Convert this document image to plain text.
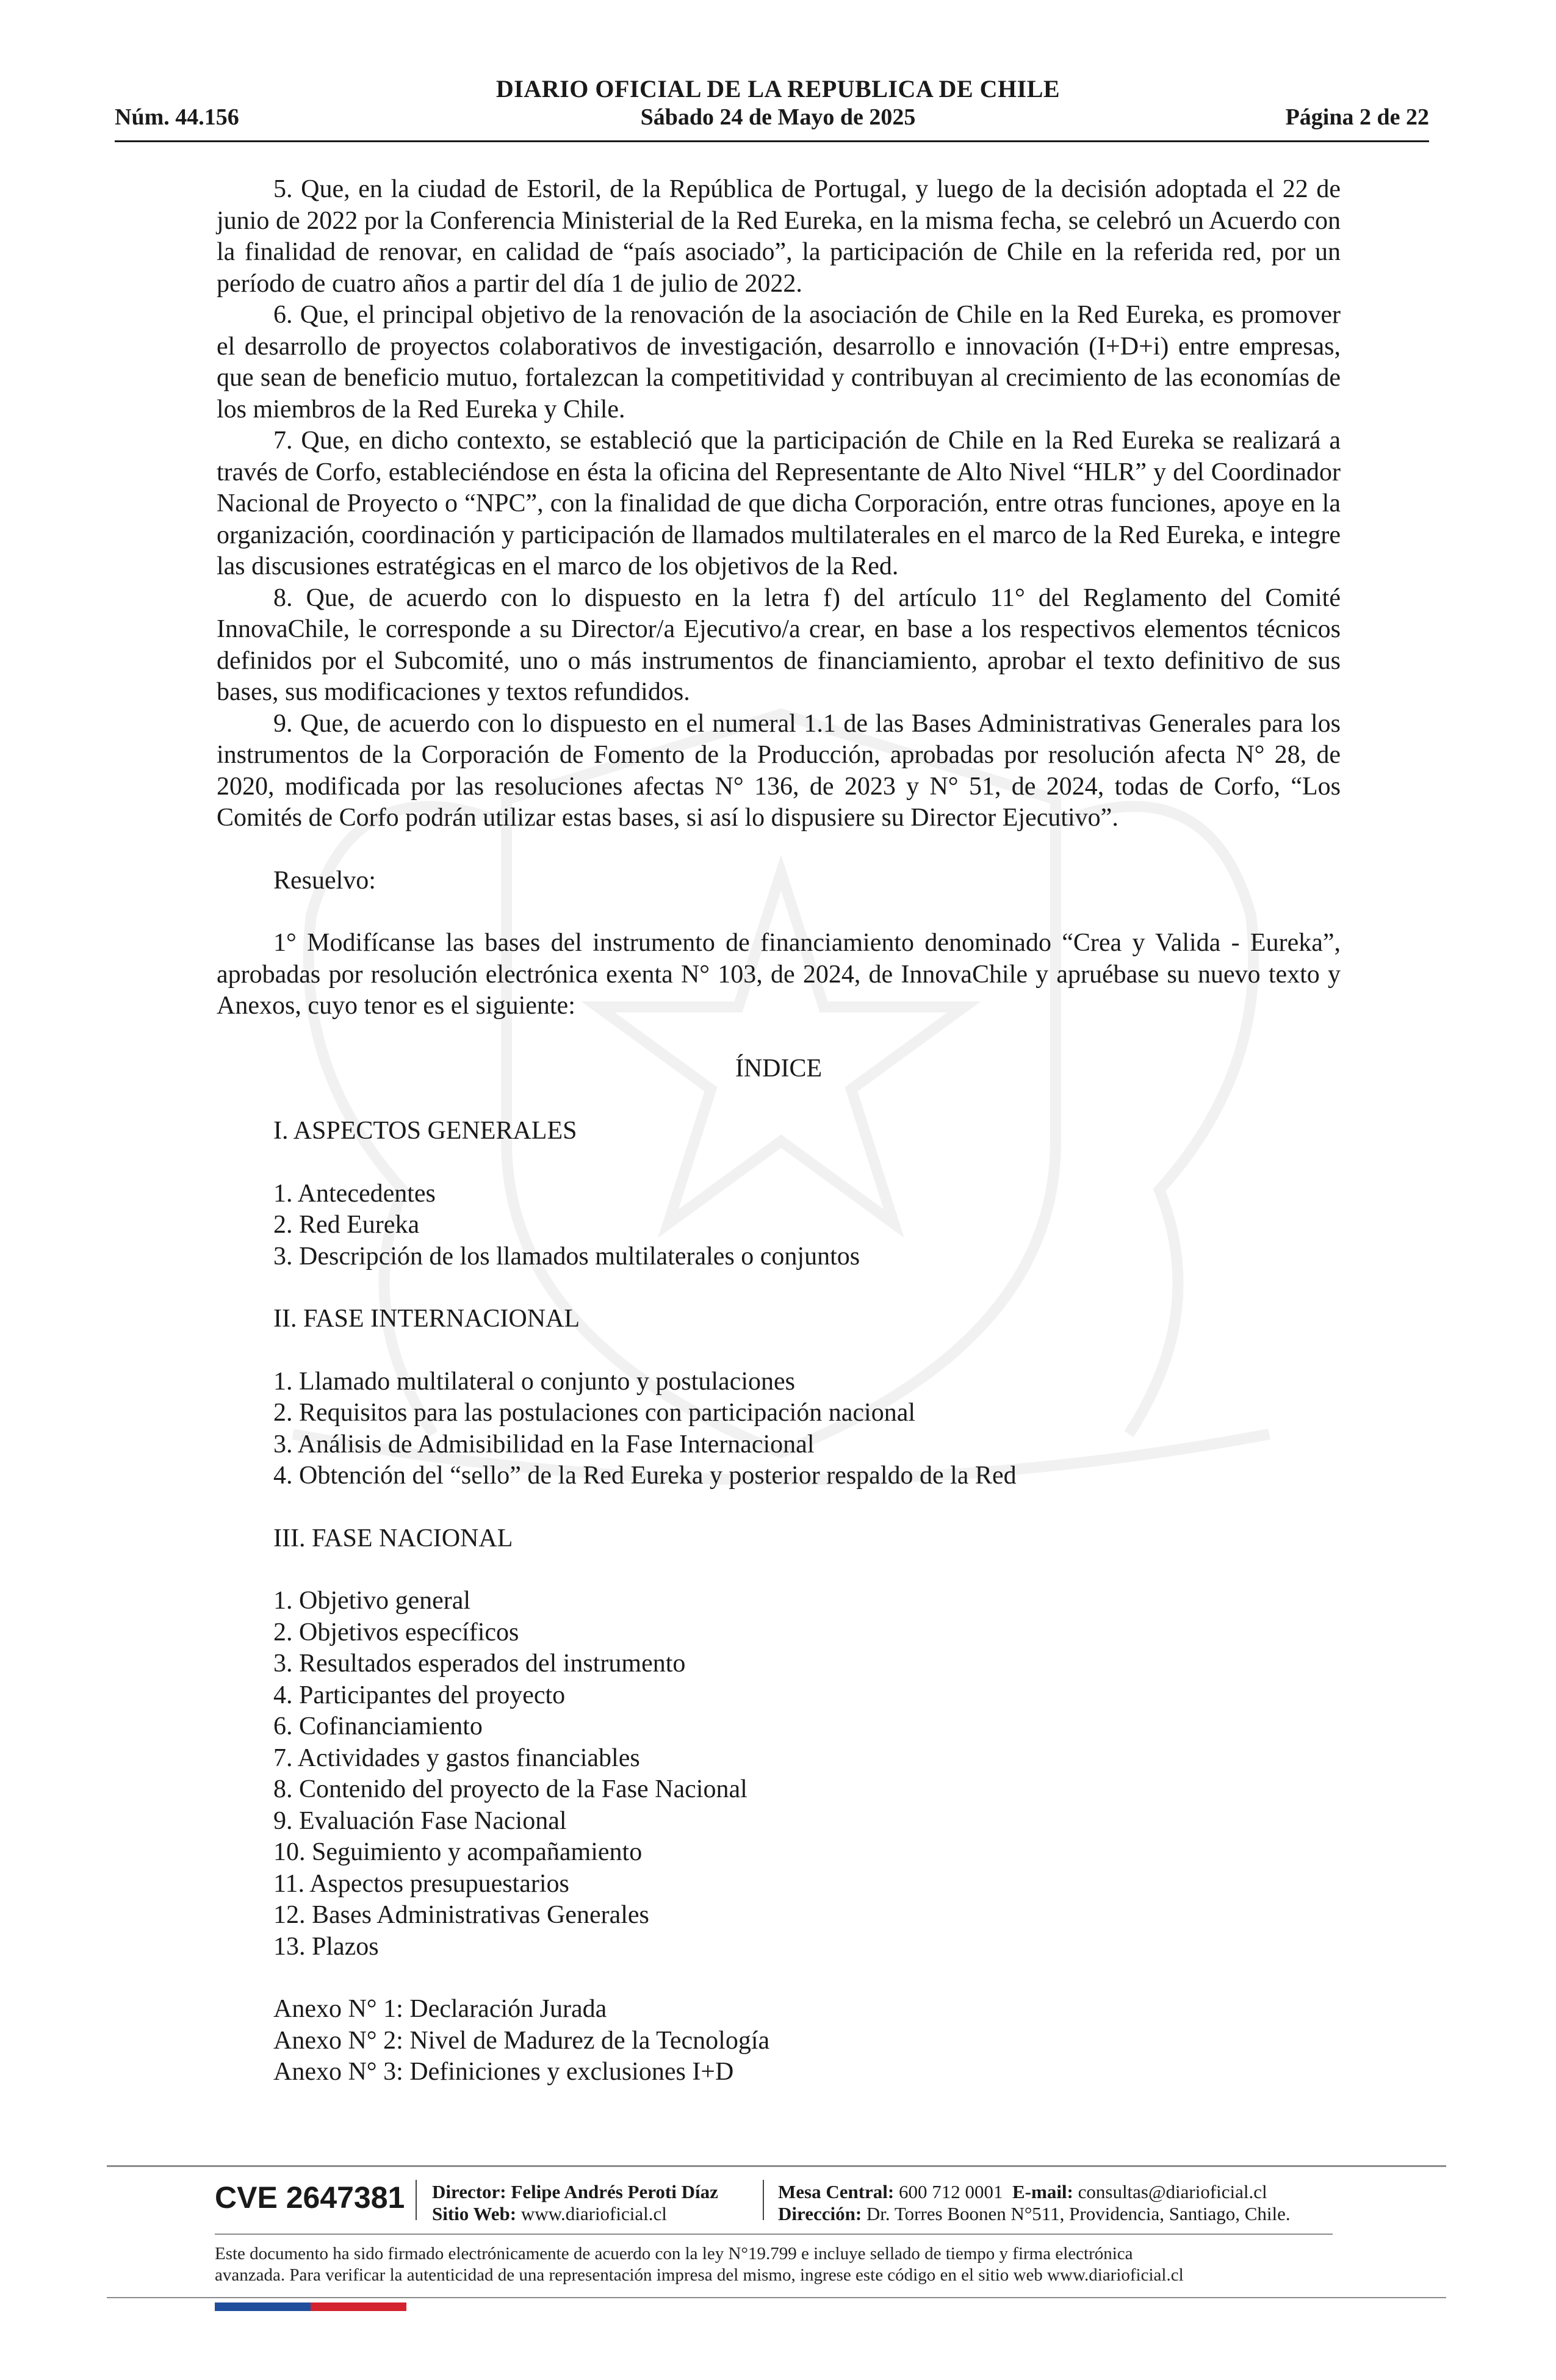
DIARIO OFICIAL DE LA REPUBLICA DE CHILE
Núm. 44.156	Sábado 24 de Mayo de 2025	Página 2 de 22

5. Que, en la ciudad de Estoril, de la República de Portugal, y luego de la decisión adoptada el 22 de junio de 2022 por la Conferencia Ministerial de la Red Eureka, en la misma fecha, se celebró un Acuerdo con la finalidad de renovar, en calidad de “país asociado”, la participación de Chile en la referida red, por un período de cuatro años a partir del día 1 de julio de 2022.

6. Que, el principal objetivo de la renovación de la asociación de Chile en la Red Eureka, es promover el desarrollo de proyectos colaborativos de investigación, desarrollo e innovación (I+D+i) entre empresas, que sean de beneficio mutuo, fortalezcan la competitividad y contribuyan al crecimiento de las economías de los miembros de la Red Eureka y Chile.

7. Que, en dicho contexto, se estableció que la participación de Chile en la Red Eureka se realizará a través de Corfo, estableciéndose en ésta la oficina del Representante de Alto Nivel “HLR” y del Coordinador Nacional de Proyecto o “NPC”, con la finalidad de que dicha Corporación, entre otras funciones, apoye en la organización, coordinación y participación de llamados multilaterales en el marco de la Red Eureka, e integre las discusiones estratégicas en el marco de los objetivos de la Red.

8. Que, de acuerdo con lo dispuesto en la letra f) del artículo 11° del Reglamento del Comité InnovaChile, le corresponde a su Director/a Ejecutivo/a crear, en base a los respectivos elementos técnicos definidos por el Subcomité, uno o más instrumentos de financiamiento, aprobar el texto definitivo de sus bases, sus modificaciones y textos refundidos.

9. Que, de acuerdo con lo dispuesto en el numeral 1.1 de las Bases Administrativas Generales para los instrumentos de la Corporación de Fomento de la Producción, aprobadas por resolución afecta N° 28, de 2020, modificada por las resoluciones afectas N° 136, de 2023 y N° 51, de 2024, todas de Corfo, “Los Comités de Corfo podrán utilizar estas bases, si así lo dispusiere su Director Ejecutivo”.

Resuelvo:

1° Modifícanse las bases del instrumento de financiamiento denominado “Crea y Valida - Eureka”, aprobadas por resolución electrónica exenta N° 103, de 2024, de InnovaChile y apruébase su nuevo texto y Anexos, cuyo tenor es el siguiente:

ÍNDICE

I. ASPECTOS GENERALES

1. Antecedentes

2. Red Eureka

3. Descripción de los llamados multilaterales o conjuntos

II. FASE INTERNACIONAL

1. Llamado multilateral o conjunto y postulaciones

2. Requisitos para las postulaciones con participación nacional

3. Análisis de Admisibilidad en la Fase Internacional

4. Obtención del “sello” de la Red Eureka y posterior respaldo de la Red

III. FASE NACIONAL

1. Objetivo general

2. Objetivos específicos

3. Resultados esperados del instrumento

4. Participantes del proyecto

6. Cofinanciamiento

7. Actividades y gastos financiables

8. Contenido del proyecto de la Fase Nacional

9. Evaluación Fase Nacional

10. Seguimiento y acompañamiento

11. Aspectos presupuestarios

12. Bases Administrativas Generales

13. Plazos

Anexo N° 1: Declaración Jurada

Anexo N° 2: Nivel de Madurez de la Tecnología

Anexo N° 3: Definiciones y exclusiones I+D

CVE 2647381 Director: Felipe Andrés Peroti Díaz
Sitio Web: www.diarioficial.cl
Mesa Central: 600 712 0001 E-mail: consultas@diarioficial.cl
Dirección: Dr. Torres Boonen N°511, Providencia, Santiago, Chile.
Este documento ha sido firmado electrónicamente de acuerdo con la ley N°19.799 e incluye sellado de tiempo y firma electrónica
avanzada. Para verificar la autenticidad de una representación impresa del mismo, ingrese este código en el sitio web www.diarioficial.cl
